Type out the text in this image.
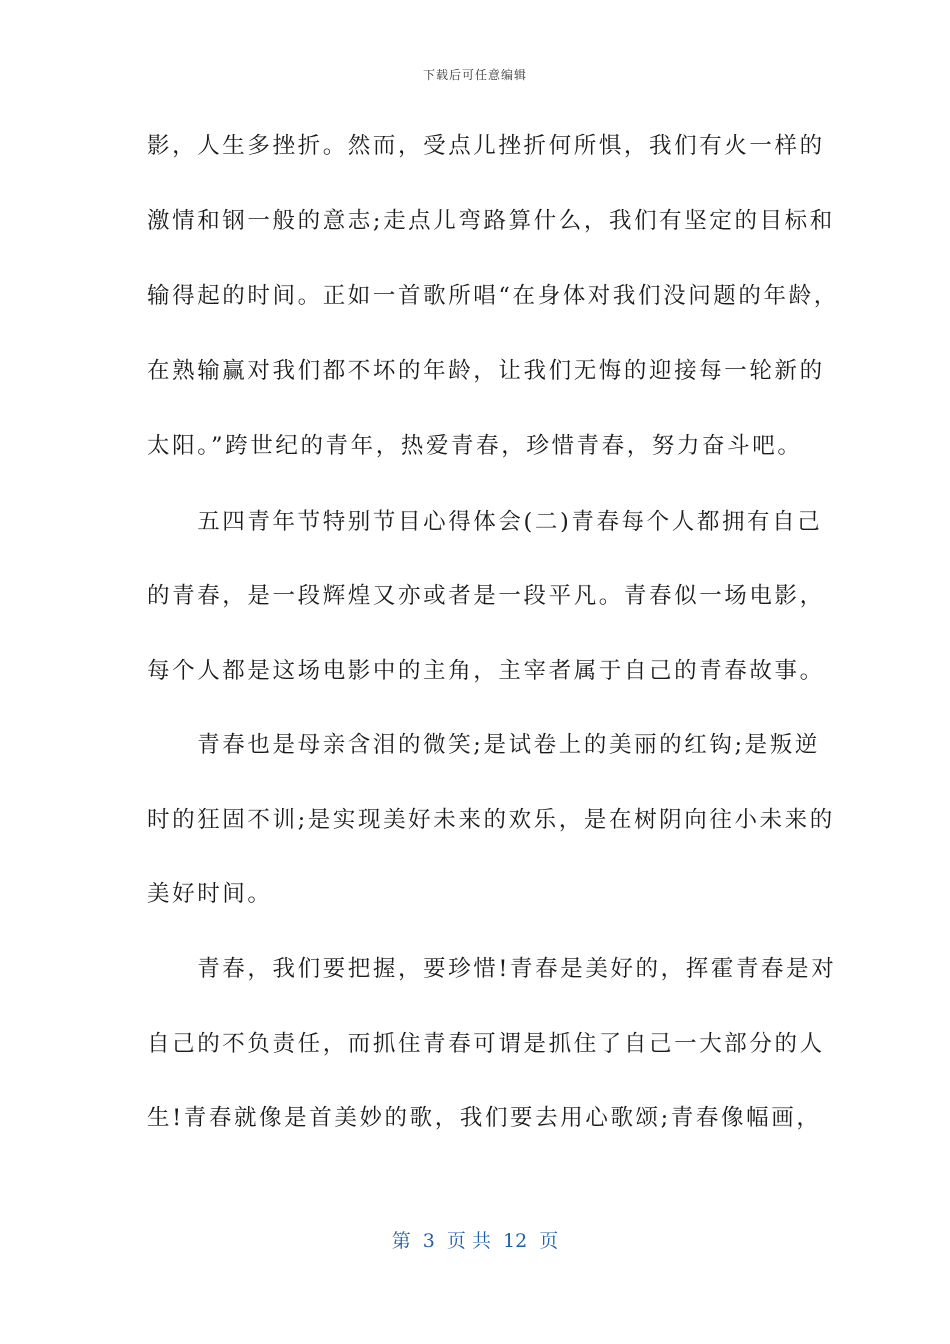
下载后可任意编辑
影，人生多挫折。然而，受点儿挫折何所惧，我们有火一样的
激情和钢一般的意志;走点儿弯路算什么，我们有坚定的目标和
输得起的时间。正如一首歌所唱“在身体对我们没问题的年龄，
在熟输赢对我们都不坏的年龄，让我们无悔的迎接每一轮新的
太阳。”跨世纪的青年，热爱青春，珍惜青春，努力奋斗吧。
　　五四青年节特别节目心得体会(二)青春每个人都拥有自己
的青春，是一段辉煌又亦或者是一段平凡。青春似一场电影，
每个人都是这场电影中的主角，主宰者属于自己的青春故事。
　　青春也是母亲含泪的微笑;是试卷上的美丽的红钩;是叛逆
时的狂固不训;是实现美好未来的欢乐，是在树阴向往小未来的
美好时间。
　　青春，我们要把握，要珍惜!青春是美好的，挥霍青春是对
自己的不负责任，而抓住青春可谓是抓住了自己一大部分的人
生!青春就像是首美妙的歌，我们要去用心歌颂;青春像幅画，
第  3  页 共  12  页
